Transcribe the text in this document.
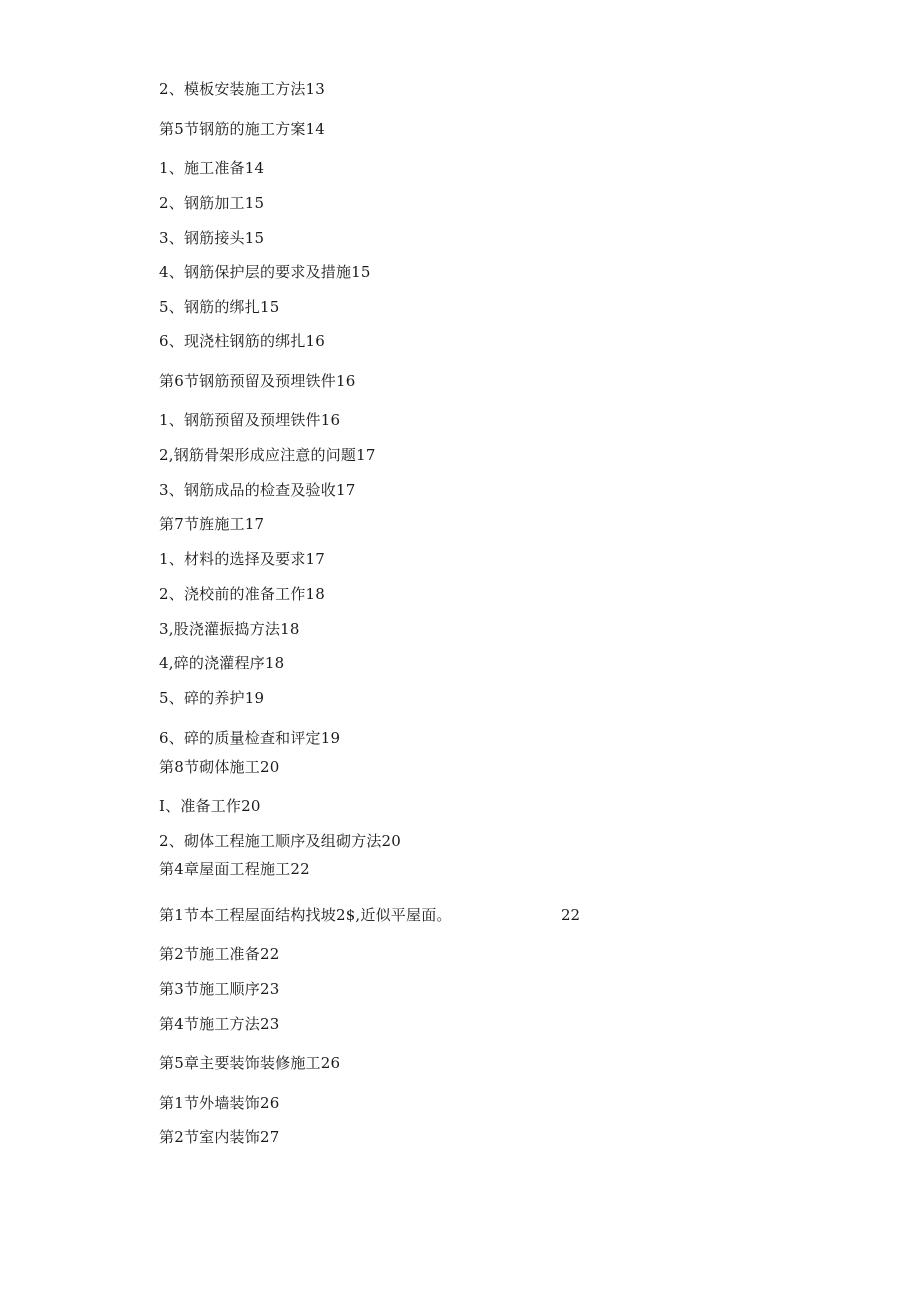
2、模板安装施工方法13
第5节钢筋的施工方案14
1、施工准备14
2、钢筋加工15
3、钢筋接头15
4、钢筋保护层的要求及措施15
5、钢筋的绑扎15
6、现浇柱钢筋的绑扎16
第6节钢筋预留及预埋铁件16
1、钢筋预留及预埋铁件16
2,钢筋骨架形成应注意的问题17
3、钢筋成品的检查及验收17
第7节旌施工17
1、材料的选择及要求17
2、浇校前的准备工作18
3,股浇灌振捣方法18
4,碎的浇灌程序18
5、碎的养护19
6、碎的质量检查和评定19
第8节砌体施工20
I、准备工作20
2、砌体工程施工顺序及组砌方法20
第4章屋面工程施工22
第1节本工程屋面结构找坡2$,近似平屋面。	22
第2节施工准备22
第3节施工顺序23
第4节施工方法23
第5章主要装饰装修施工26
第1节外墙装饰26
第2节室内装饰27
